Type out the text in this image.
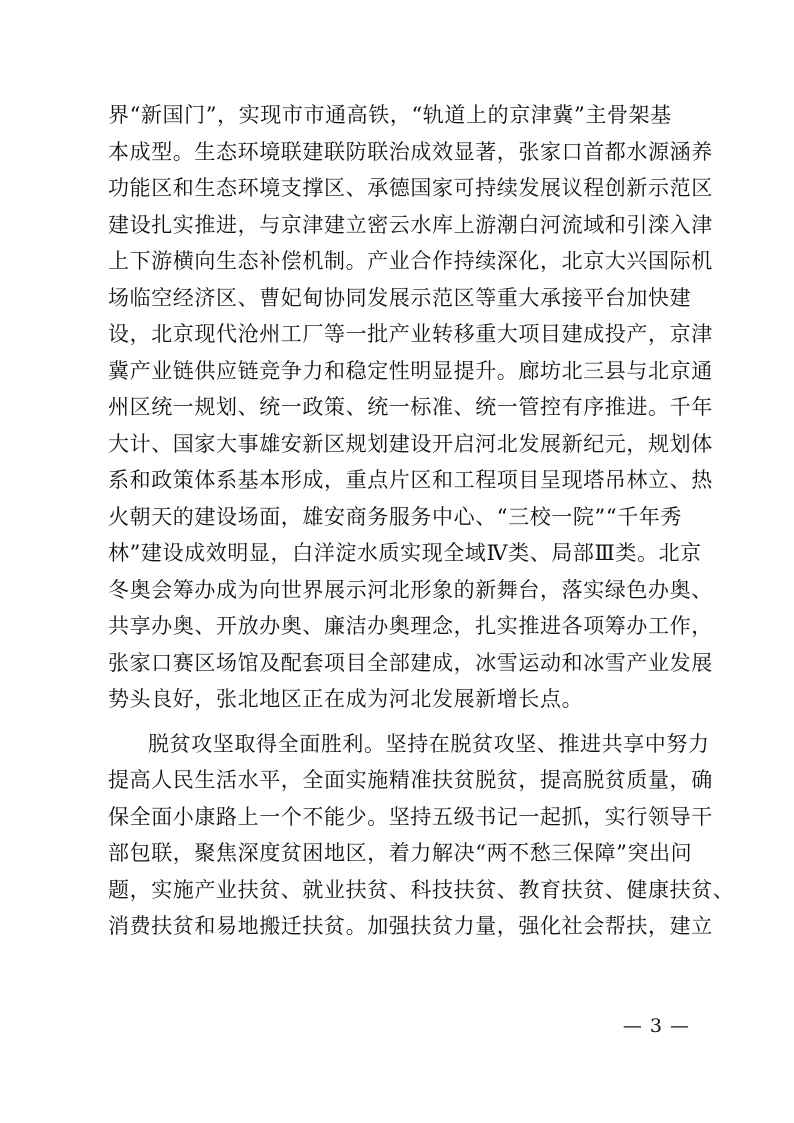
界“新国门”，实现市市通高铁，“轨道上的京津冀”主骨架基
本成型。生态环境联建联防联治成效显著，张家口首都水源涵养
功能区和生态环境支撑区、承德国家可持续发展议程创新示范区
建设扎实推进，与京津建立密云水库上游潮白河流域和引滦入津
上下游横向生态补偿机制。产业合作持续深化，北京大兴国际机
场临空经济区、曹妃甸协同发展示范区等重大承接平台加快建
设，北京现代沧州工厂等一批产业转移重大项目建成投产，京津
冀产业链供应链竞争力和稳定性明显提升。廊坊北三县与北京通
州区统一规划、统一政策、统一标准、统一管控有序推进。千年
大计、国家大事雄安新区规划建设开启河北发展新纪元，规划体
系和政策体系基本形成，重点片区和工程项目呈现塔吊林立、热
火朝天的建设场面，雄安商务服务中心、“三校一院”“千年秀
林”建设成效明显，白洋淀水质实现全域Ⅳ类、局部Ⅲ类。北京
冬奥会筹办成为向世界展示河北形象的新舞台，落实绿色办奥、
共享办奥、开放办奥、廉洁办奥理念，扎实推进各项筹办工作，
张家口赛区场馆及配套项目全部建成，冰雪运动和冰雪产业发展
势头良好，张北地区正在成为河北发展新增长点。
脱贫攻坚取得全面胜利。坚持在脱贫攻坚、推进共享中努力
提高人民生活水平，全面实施精准扶贫脱贫，提高脱贫质量，确
保全面小康路上一个不能少。坚持五级书记一起抓，实行领导干
部包联，聚焦深度贫困地区，着力解决“两不愁三保障”突出问
题，实施产业扶贫、就业扶贫、科技扶贫、教育扶贫、健康扶贫、
消费扶贫和易地搬迁扶贫。加强扶贫力量，强化社会帮扶，建立
— 3 —
